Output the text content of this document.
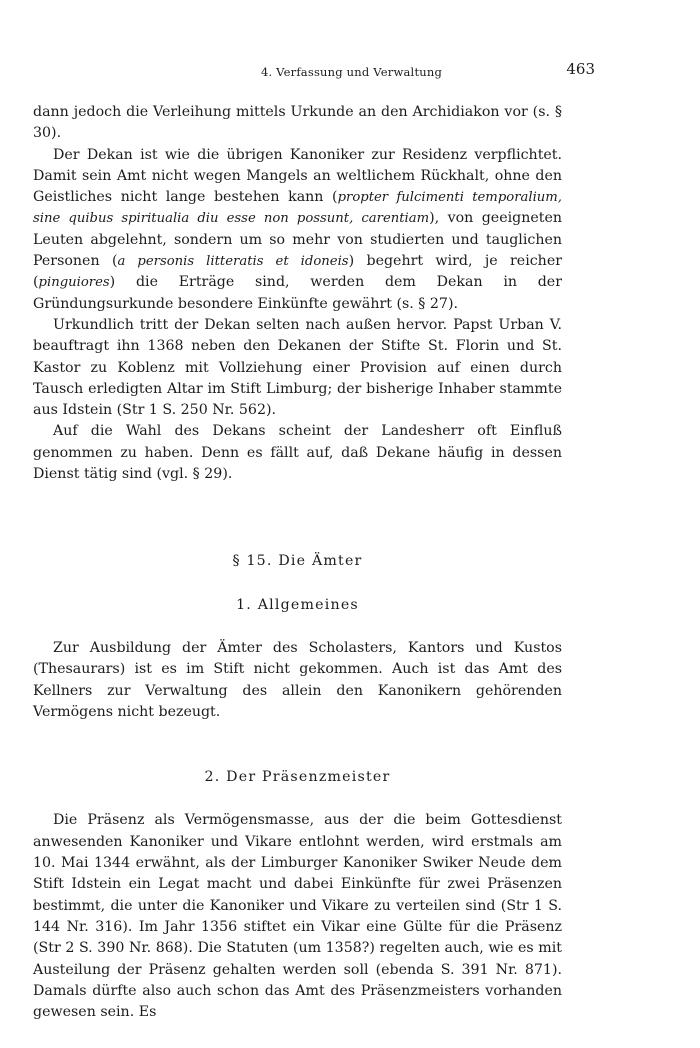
4. Verfassung und Verwaltung	463

dann jedoch die Verleihung mittels Urkunde an den Archidiakon vor (s. § 30).

Der Dekan ist wie die übrigen Kanoniker zur Residenz verpflichtet. Damit sein Amt nicht wegen Mangels an weltlichem Rückhalt, ohne den Geistliches nicht lange bestehen kann (propter fulcimenti temporalium, sine quibus spiritualia diu esse non possunt, carentiam), von geeigneten Leuten abgelehnt, sondern um so mehr von studierten und tauglichen Personen (a personis litteratis et idoneis) begehrt wird, je reicher (pinguiores) die Erträge sind, werden dem Dekan in der Gründungsurkunde besondere Einkünfte gewährt (s. § 27).

Urkundlich tritt der Dekan selten nach außen hervor. Papst Urban V. beauftragt ihn 1368 neben den Dekanen der Stifte St. Florin und St. Kastor zu Koblenz mit Vollziehung einer Provision auf einen durch Tausch erledigten Altar im Stift Limburg; der bisherige Inhaber stammte aus Idstein (Str 1 S. 250 Nr. 562).

Auf die Wahl des Dekans scheint der Landesherr oft Einfluß genommen zu haben. Denn es fällt auf, daß Dekane häufig in dessen Dienst tätig sind (vgl. § 29).

§ 15. Die Ämter

1. Allgemeines

Zur Ausbildung der Ämter des Scholasters, Kantors und Kustos (Thesaurars) ist es im Stift nicht gekommen. Auch ist das Amt des Kellners zur Verwaltung des allein den Kanonikern gehörenden Vermögens nicht bezeugt.

2. Der Präsenzmeister

Die Präsenz als Vermögensmasse, aus der die beim Gottesdienst anwesenden Kanoniker und Vikare entlohnt werden, wird erstmals am 10. Mai 1344 erwähnt, als der Limburger Kanoniker Swiker Neude dem Stift Idstein ein Legat macht und dabei Einkünfte für zwei Präsenzen bestimmt, die unter die Kanoniker und Vikare zu verteilen sind (Str 1 S. 144 Nr. 316). Im Jahr 1356 stiftet ein Vikar eine Gülte für die Präsenz (Str 2 S. 390 Nr. 868). Die Statuten (um 1358?) regelten auch, wie es mit Austeilung der Präsenz gehalten werden soll (ebenda S. 391 Nr. 871). Damals dürfte also auch schon das Amt des Präsenzmeisters vorhanden gewesen sein. Es
